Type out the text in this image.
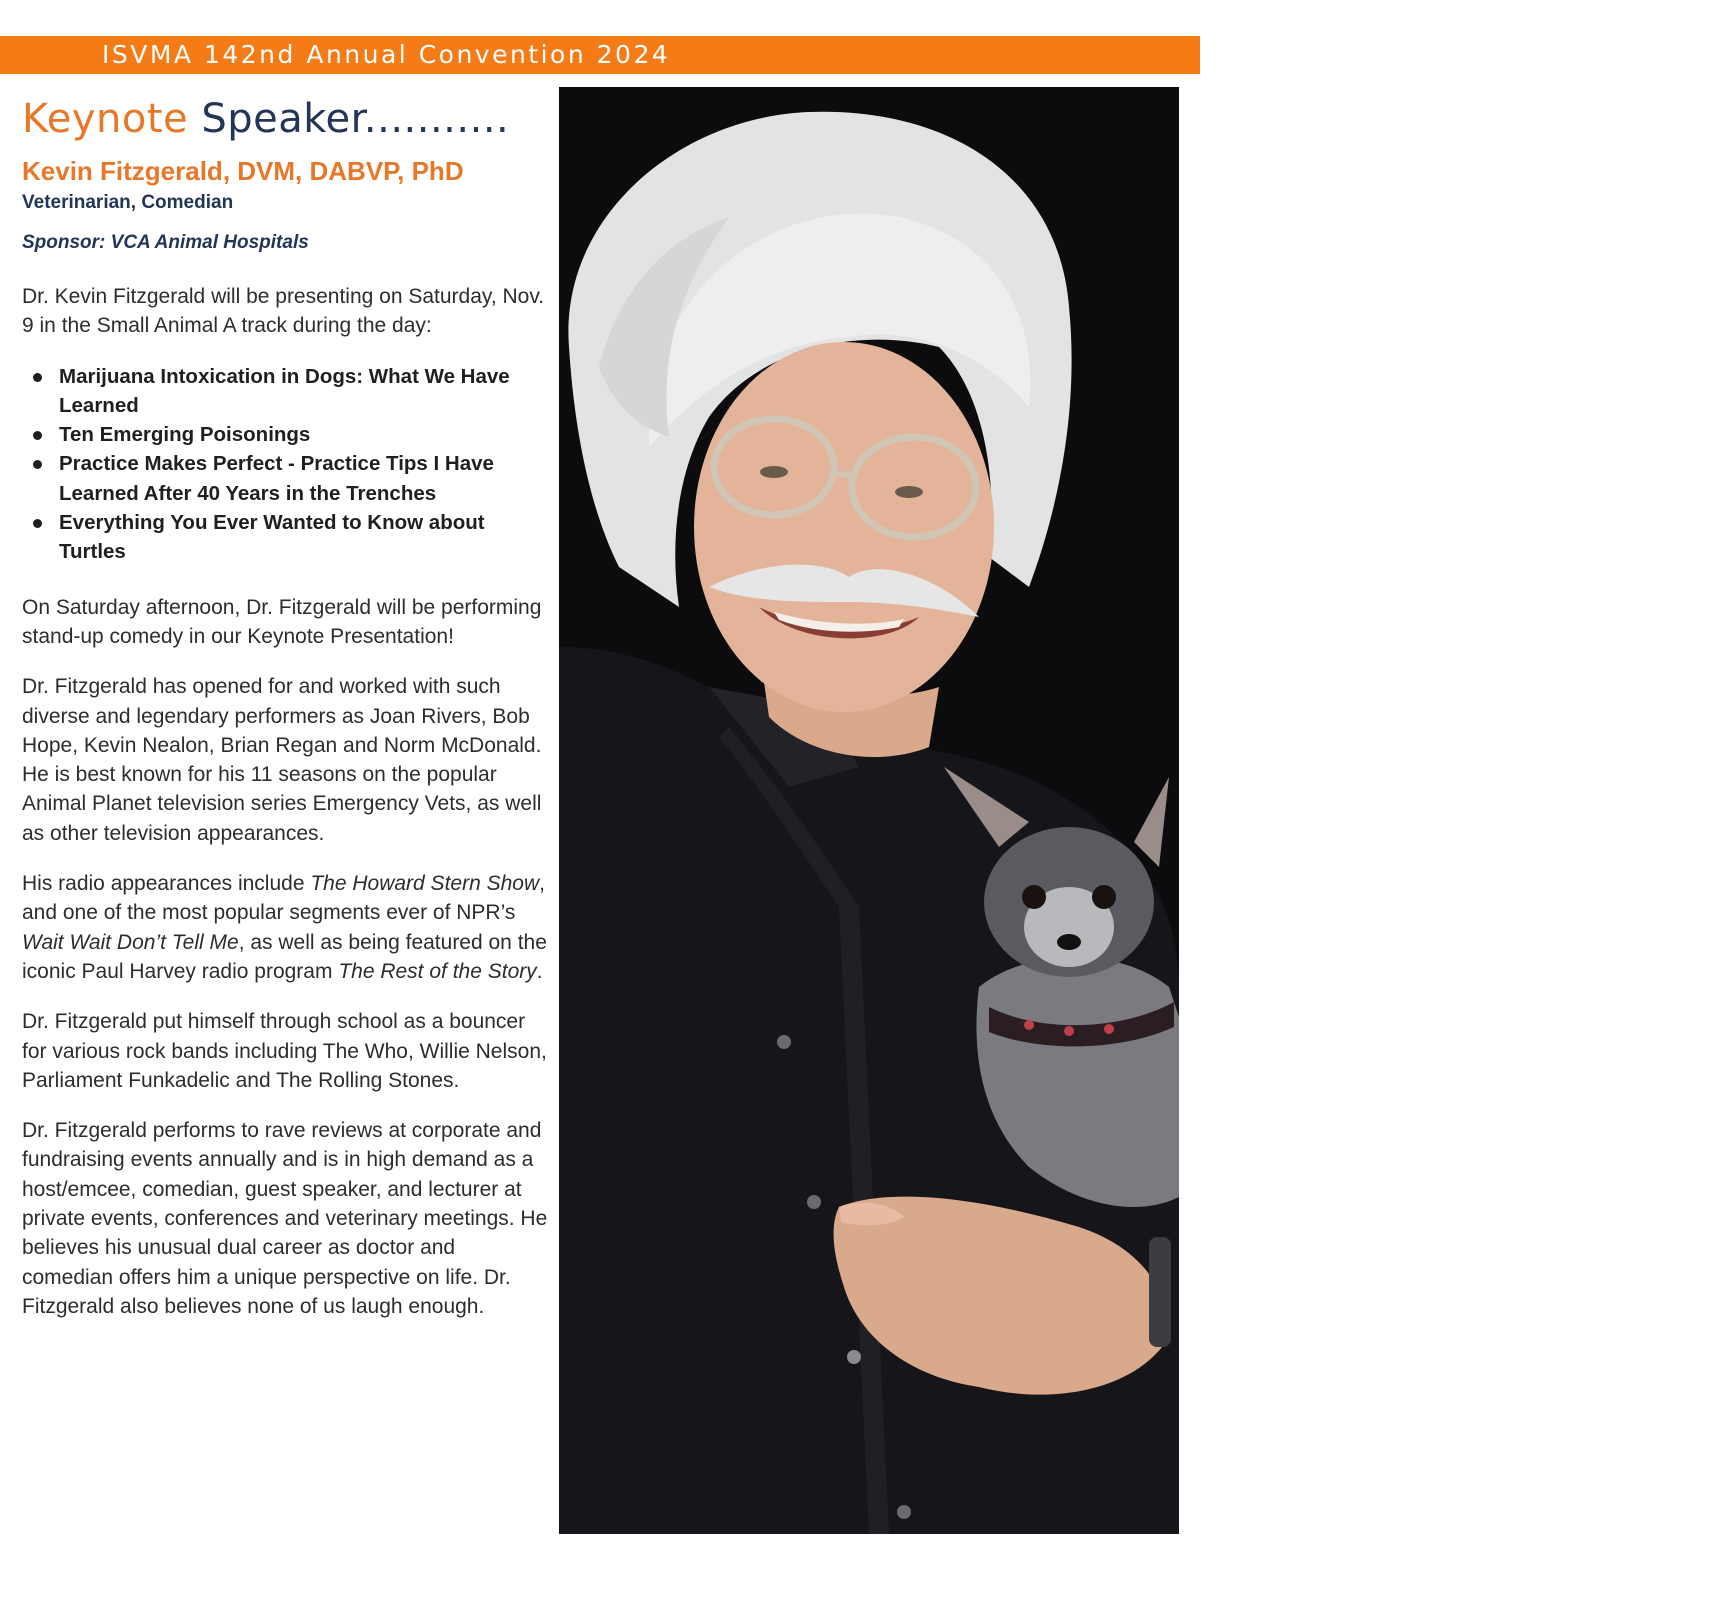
ISVMA 142nd Annual Convention 2024
Keynote Speaker...........
Kevin Fitzgerald, DVM, DABVP, PhD
Veterinarian, Comedian
Sponsor: VCA Animal Hospitals

Dr. Kevin Fitzgerald will be presenting on Saturday, Nov. 9 in the Small Animal A track during the day:

Marijuana Intoxication in Dogs: What We Have Learned
Ten Emerging Poisonings
Practice Makes Perfect - Practice Tips I Have Learned After 40 Years in the Trenches
Everything You Ever Wanted to Know about Turtles

On Saturday afternoon, Dr. Fitzgerald will be performing stand-up comedy in our Keynote Presentation!

Dr. Fitzgerald has opened for and worked with such diverse and legendary performers as Joan Rivers, Bob Hope, Kevin Nealon, Brian Regan and Norm McDonald. He is best known for his 11 seasons on the popular Animal Planet television series Emergency Vets, as well as other television appearances.

His radio appearances include The Howard Stern Show, and one of the most popular segments ever of NPR’s Wait Wait Don’t Tell Me, as well as being featured on the iconic Paul Harvey radio program The Rest of the Story.

Dr. Fitzgerald put himself through school as a bouncer for various rock bands including The Who, Willie Nelson, Parliament Funkadelic and The Rolling Stones.

Dr. Fitzgerald performs to rave reviews at corporate and fundraising events annually and is in high demand as a host/emcee, comedian, guest speaker, and lecturer at private events, conferences and veterinary meetings. He believes his unusual dual career as doctor and comedian offers him a unique perspective on life. Dr. Fitzgerald also believes none of us laugh enough.

15
